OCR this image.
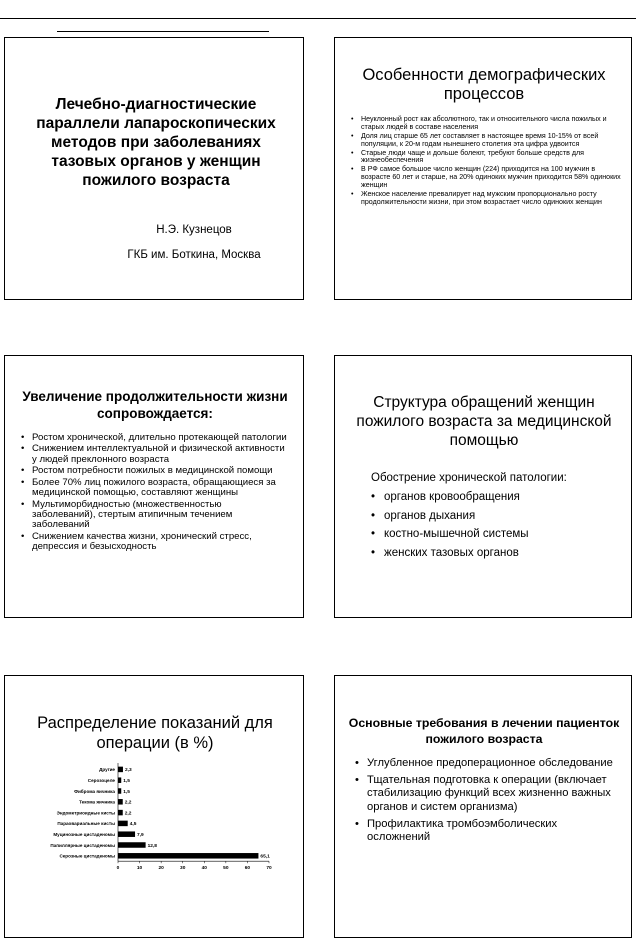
Лечебно-диагностические параллели лапароскопических методов при заболеваниях тазовых органов у женщин пожилого возраста
Н.Э. Кузнецов
ГКБ им. Боткина, Москва
Особенности демографических процессов
• Неуклонный рост как абсолютного, так и относительного числа пожилых и старых людей в составе населения
• Доля лиц старше 65 лет составляет в настоящее время 10-15% от всей популяции, к 20-м годам нынешнего столетия эта цифра удвоится
• Старые люди чаще и дольше болеют, требуют больше средств для жизнеобеспечения
• В РФ самое большое число женщин (224) приходится на 100 мужчин в возрасте 60 лет и старше, на 20% одиноких мужчин приходится 58% одиноких женщин
• Женское население превалирует над мужским пропорционально росту продолжительности жизни, при этом возрастает число одиноких женщин
Увеличение продолжительности жизни сопровождается:
• Ростом хронической, длительно протекающей патологии
• Снижением интеллектуальной и физической активности у людей преклонного возраста
• Ростом потребности пожилых в медицинской помощи
• Более 70% лиц пожилого возраста, обращающиеся за медицинской помощью, составляют женщины
• Мультиморбидностью (множественностью заболеваний), стертым атипичным течением заболеваний
• Снижением качества жизни, хронический стресс, депрессия и безысходность
Структура обращений женщин пожилого возраста за медицинской помощью
Обострение хронической патологии:
• органов кровообращения
• органов дыхания
• костно-мышечной системы
• женских тазовых органов
Распределение показаний для операции (в %)
Другие 2,3
Серозоцеле 1,5
Фиброма яичника 1,5
Текома яичника 2,2
Эндометриоидные кисты 2,2
Параовариальные кисты	4,5
Муцинозные цистаденомы	7,9
Папиллярные цистаденомы	12,8
Серозные цистаденомы	65,1
0	10	20	30	40	50	60	70
Основные требования в лечении пациенток пожилого возраста
• Углубленное предоперационное обследование
• Тщательная подготовка к операции (включает стабилизацию функций всех жизненно важных органов и систем организма)
• Профилактика тромбоэмболических осложнений
